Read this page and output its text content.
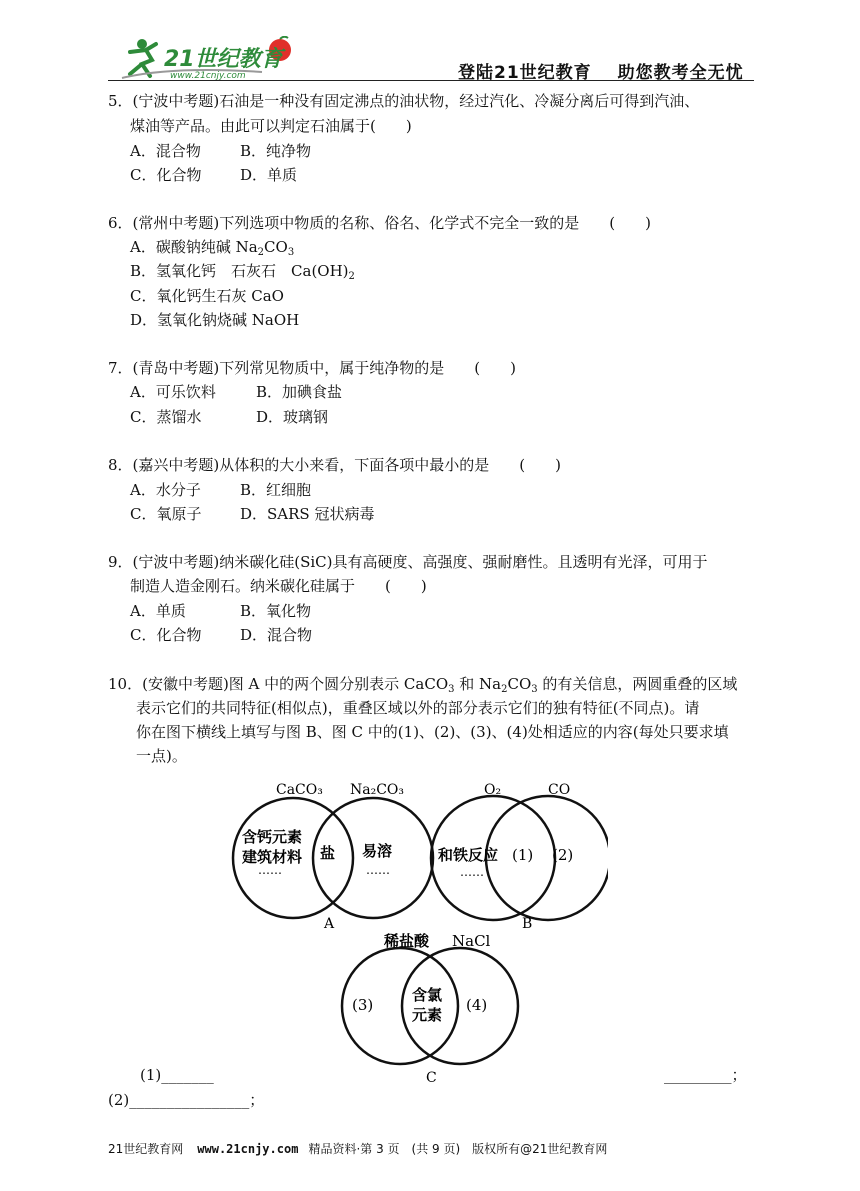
21世纪教育
www.21cnjy.com	登陆21世纪教育 助您教考全无忧
5．(宁波中考题)石油是一种没有固定沸点的油状物，经过汽化、冷凝分离后可得到汽油、
煤油等产品。由此可以判定石油属于(　　)
A．混合物	B．纯净物
C．化合物	D．单质
6．(常州中考题)下列选项中物质的名称、俗名、化学式不完全一致的是　　(　　)
A．碳酸钠纯碱 $Na_2CO_3$
B．氢氧化钙　石灰石　$Ca(OH)_2$
C．氧化钙生石灰 CaO
D．氢氧化钠烧碱 NaOH
7．(青岛中考题)下列常见物质中，属于纯净物的是　　(　　)
A．可乐饮料	B．加碘食盐
C．蒸馏水	D．玻璃钢
8．(嘉兴中考题)从体积的大小来看，下面各项中最小的是　　(　　)
A．水分子	B．红细胞
C．氧原子	D．SARS 冠状病毒
9．(宁波中考题)纳米碳化硅(SiC)具有高硬度、高强度、强耐磨性。且透明有光泽，可用于
制造人造金刚石。纳米碳化硅属于　　(　　)
A．单质	B．氧化物
C．化合物	D．混合物
10．(安徽中考题)图 A 中的两个圆分别表示 CaCO$_3$ 和 $Na_2CO_3$ 的有关信息，两圆重叠的区域
表示它们的共同特征(相似点)，重叠区域以外的部分表示它们的独有特征(不同点)。请
你在图下横线上填写与图 B、图 C 中的(1)、(2)、(3)、(4)处相适应的内容(每处只要求填
一点)。
CaCO₃ Na₂CO₃
含钙元素
建筑材料
……
盐 易溶
……
A
O₂	CO
和铁反应
……
(1) (2)
B
稀盐酸 NaCl
(3)
含氯
元素
(4)
C
(1)_______	_________；
(2)________________；
21世纪教育网 www.21cnjy.com 精品资料·第 3 页　(共 9 页)　版权所有@21世纪教育网
